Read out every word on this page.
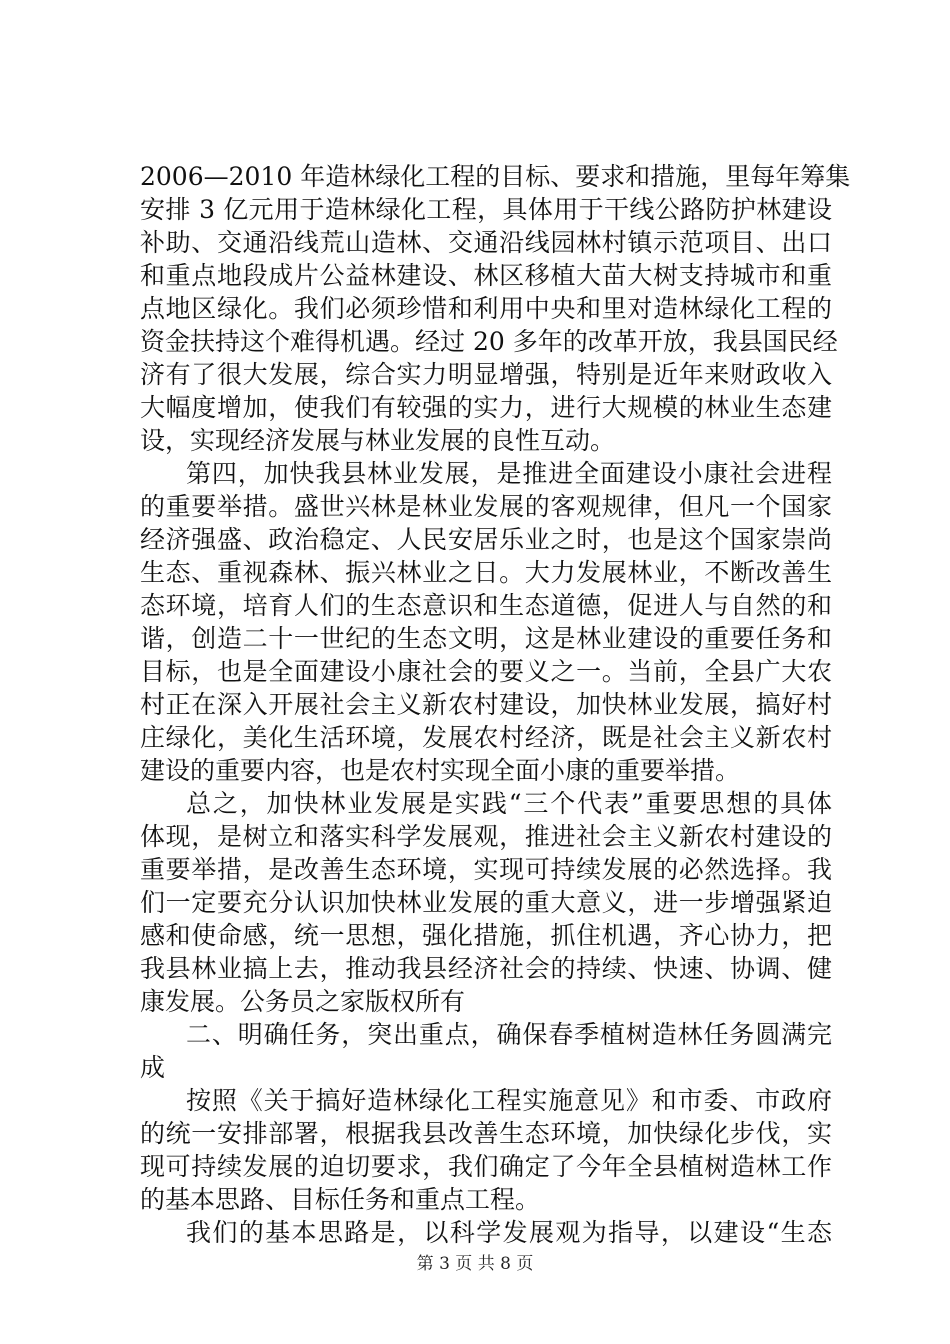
2006—2010 年造林绿化工程的目标、要求和措施，里每年筹集
安排 3 亿元用于造林绿化工程，具体用于干线公路防护林建设
补助、交通沿线荒山造林、交通沿线园林村镇示范项目、出口
和重点地段成片公益林建设、林区移植大苗大树支持城市和重
点地区绿化。我们必须珍惜和利用中央和里对造林绿化工程的
资金扶持这个难得机遇。经过 20 多年的改革开放，我县国民经
济有了很大发展，综合实力明显增强，特别是近年来财政收入
大幅度增加，使我们有较强的实力，进行大规模的林业生态建
设，实现经济发展与林业发展的良性互动。
第四，加快我县林业发展，是推进全面建设小康社会进程
的重要举措。盛世兴林是林业发展的客观规律，但凡一个国家
经济强盛、政治稳定、人民安居乐业之时，也是这个国家崇尚
生态、重视森林、振兴林业之日。大力发展林业，不断改善生
态环境，培育人们的生态意识和生态道德，促进人与自然的和
谐，创造二十一世纪的生态文明，这是林业建设的重要任务和
目标，也是全面建设小康社会的要义之一。当前，全县广大农
村正在深入开展社会主义新农村建设，加快林业发展，搞好村
庄绿化，美化生活环境，发展农村经济，既是社会主义新农村
建设的重要内容，也是农村实现全面小康的重要举措。
总之，加快林业发展是实践“三个代表”重要思想的具体
体现，是树立和落实科学发展观，推进社会主义新农村建设的
重要举措，是改善生态环境，实现可持续发展的必然选择。我
们一定要充分认识加快林业发展的重大意义，进一步增强紧迫
感和使命感，统一思想，强化措施，抓住机遇，齐心协力，把
我县林业搞上去，推动我县经济社会的持续、快速、协调、健
康发展。公务员之家版权所有
二、明确任务，突出重点，确保春季植树造林任务圆满完
成
按照《关于搞好造林绿化工程实施意见》和市委、市政府
的统一安排部署，根据我县改善生态环境，加快绿化步伐，实
现可持续发展的迫切要求，我们确定了今年全县植树造林工作
的基本思路、目标任务和重点工程。
我们的基本思路是，以科学发展观为指导，以建设“生态
第 3 页 共 8 页
